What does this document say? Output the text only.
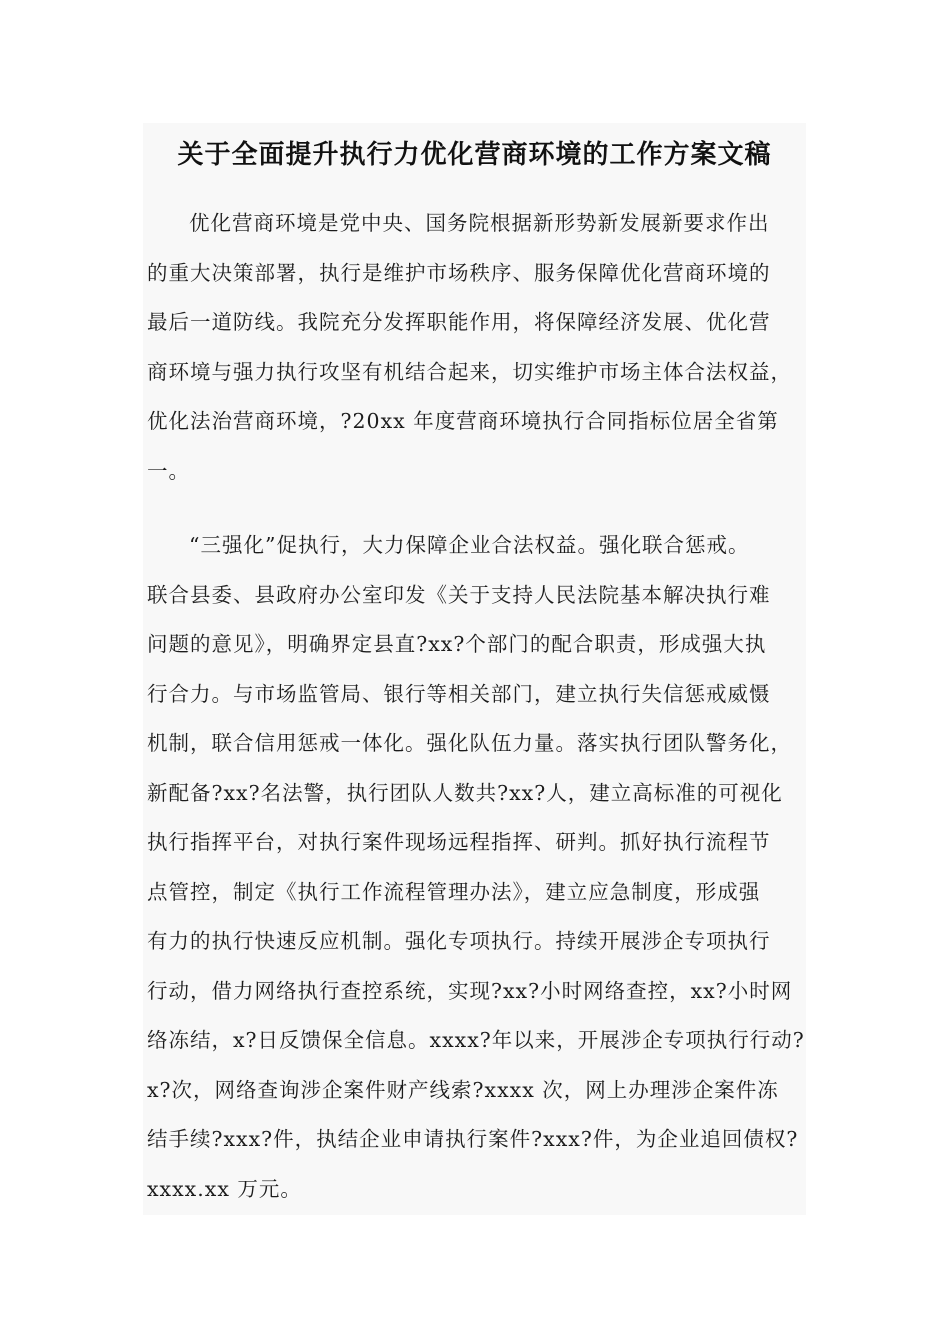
关于全面提升执行力优化营商环境的工作方案文稿
优化营商环境是党中央、国务院根据新形势新发展新要求作出
的重大决策部署，执行是维护市场秩序、服务保障优化营商环境的
最后一道防线。我院充分发挥职能作用，将保障经济发展、优化营
商环境与强力执行攻坚有机结合起来，切实维护市场主体合法权益，
优化法治营商环境，?20xx 年度营商环境执行合同指标位居全省第
一。
“三强化”促执行，大力保障企业合法权益。强化联合惩戒。
联合县委、县政府办公室印发《关于支持人民法院基本解决执行难
问题的意见》，明确界定县直?xx?个部门的配合职责，形成强大执
行合力。与市场监管局、银行等相关部门，建立执行失信惩戒威慑
机制，联合信用惩戒一体化。强化队伍力量。落实执行团队警务化，
新配备?xx?名法警，执行团队人数共?xx?人，建立高标准的可视化
执行指挥平台，对执行案件现场远程指挥、研判。抓好执行流程节
点管控，制定《执行工作流程管理办法》，建立应急制度，形成强
有力的执行快速反应机制。强化专项执行。持续开展涉企专项执行
行动，借力网络执行查控系统，实现?xx?小时网络查控，xx?小时网
络冻结，x?日反馈保全信息。xxxx?年以来，开展涉企专项执行行动?
x?次，网络查询涉企案件财产线索?xxxx 次，网上办理涉企案件冻
结手续?xxx?件，执结企业申请执行案件?xxx?件，为企业追回债权?
xxxx.xx 万元。
